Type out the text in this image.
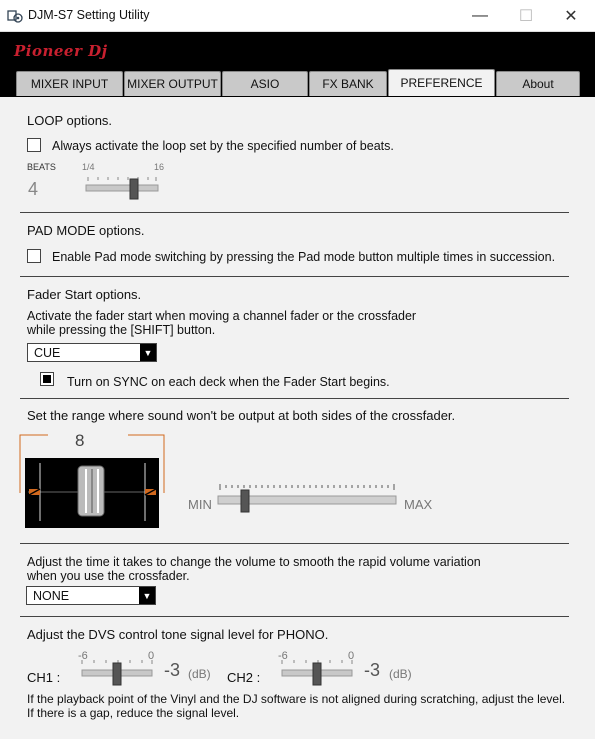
DJM-S7 Setting Utility	— ☐ ✕
Pioneer Dj
MIXER INPUT MIXER OUTPUT	ASIO	FX BANK PREFERENCE	About
LOOP options.
Always activate the loop set by the specified number of beats.
BEATS	1/4	16
4
PAD MODE options.
Enable Pad mode switching by pressing the Pad mode button multiple times in succession.
Fader Start options.
Activate the fader start when moving a channel fader or the crossfader
while pressing the [SHIFT] button.
CUE	▼
Turn on SYNC on each deck when the Fader Start begins.
Set the range where sound won't be output at both sides of the crossfader.
8
MIN	MAX
Adjust the time it takes to change the volume to smooth the rapid volume variation
when you use the crossfader.
NONE	▼
Adjust the DVS control tone signal level for PHONO.
-6	0
CH1 :	-3 (dB) CH2 :
-6	0
-3 (dB)
If the playback point of the Vinyl and the DJ software is not aligned during scratching, adjust the level.
If there is a gap, reduce the signal level.
